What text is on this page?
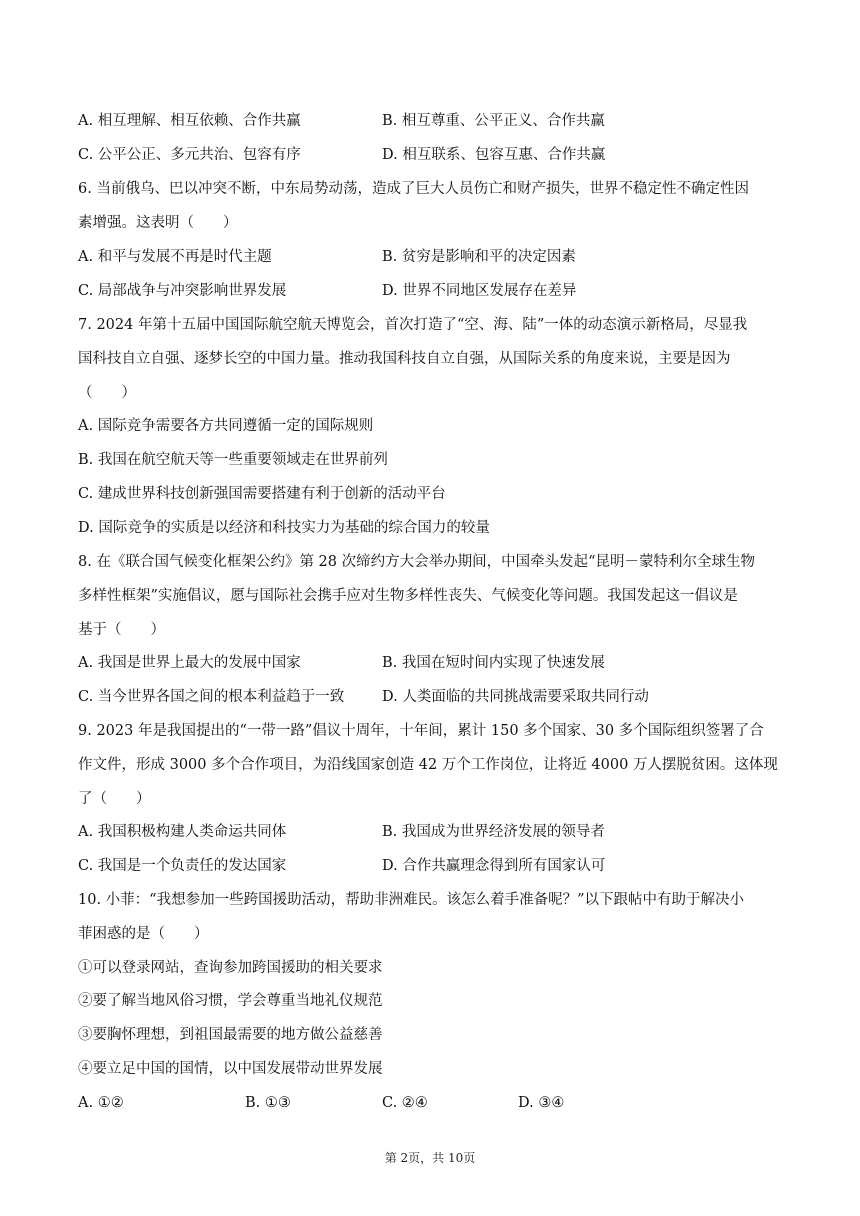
A. 相互理解、相互依赖、合作共赢	B. 相互尊重、公平正义、合作共赢
C. 公平公正、多元共治、包容有序	D. 相互联系、包容互惠、合作共赢
6. 当前俄乌、巴以冲突不断，中东局势动荡，造成了巨大人员伤亡和财产损失，世界不稳定性不确定性因
素增强。这表明（　　）
A. 和平与发展不再是时代主题	B. 贫穷是影响和平的决定因素
C. 局部战争与冲突影响世界发展	D. 世界不同地区发展存在差异
7. 2024 年第十五届中国国际航空航天博览会，首次打造了“空、海、陆”一体的动态演示新格局，尽显我
国科技自立自强、逐梦长空的中国力量。推动我国科技自立自强，从国际关系的角度来说，主要是因为
（　　）
A. 国际竞争需要各方共同遵循一定的国际规则
B. 我国在航空航天等一些重要领域走在世界前列
C. 建成世界科技创新强国需要搭建有利于创新的活动平台
D. 国际竞争的实质是以经济和科技实力为基础的综合国力的较量
8. 在《联合国气候变化框架公约》第 28 次缔约方大会举办期间，中国牵头发起“昆明－蒙特利尔全球生物
多样性框架”实施倡议，愿与国际社会携手应对生物多样性丧失、气候变化等问题。我国发起这一倡议是
基于（　　）
A. 我国是世界上最大的发展中国家	B. 我国在短时间内实现了快速发展
C. 当今世界各国之间的根本利益趋于一致	D. 人类面临的共同挑战需要采取共同行动
9. 2023 年是我国提出的“一带一路”倡议十周年，十年间，累计 150 多个国家、30 多个国际组织签署了合
作文件，形成 3000 多个合作项目，为沿线国家创造 42 万个工作岗位，让将近 4000 万人摆脱贫困。这体现
了（　　）
A. 我国积极构建人类命运共同体	B. 我国成为世界经济发展的领导者
C. 我国是一个负责任的发达国家	D. 合作共赢理念得到所有国家认可
10. 小菲：“我想参加一些跨国援助活动，帮助非洲难民。该怎么着手准备呢？”以下跟帖中有助于解决小
菲困惑的是（　　）
①可以登录网站，查询参加跨国援助的相关要求
②要了解当地风俗习惯，学会尊重当地礼仪规范
③要胸怀理想，到祖国最需要的地方做公益慈善
④要立足中国的国情，以中国发展带动世界发展
A. ①②	B. ①③	C. ②④	D. ③④
第 2页，共 10页
